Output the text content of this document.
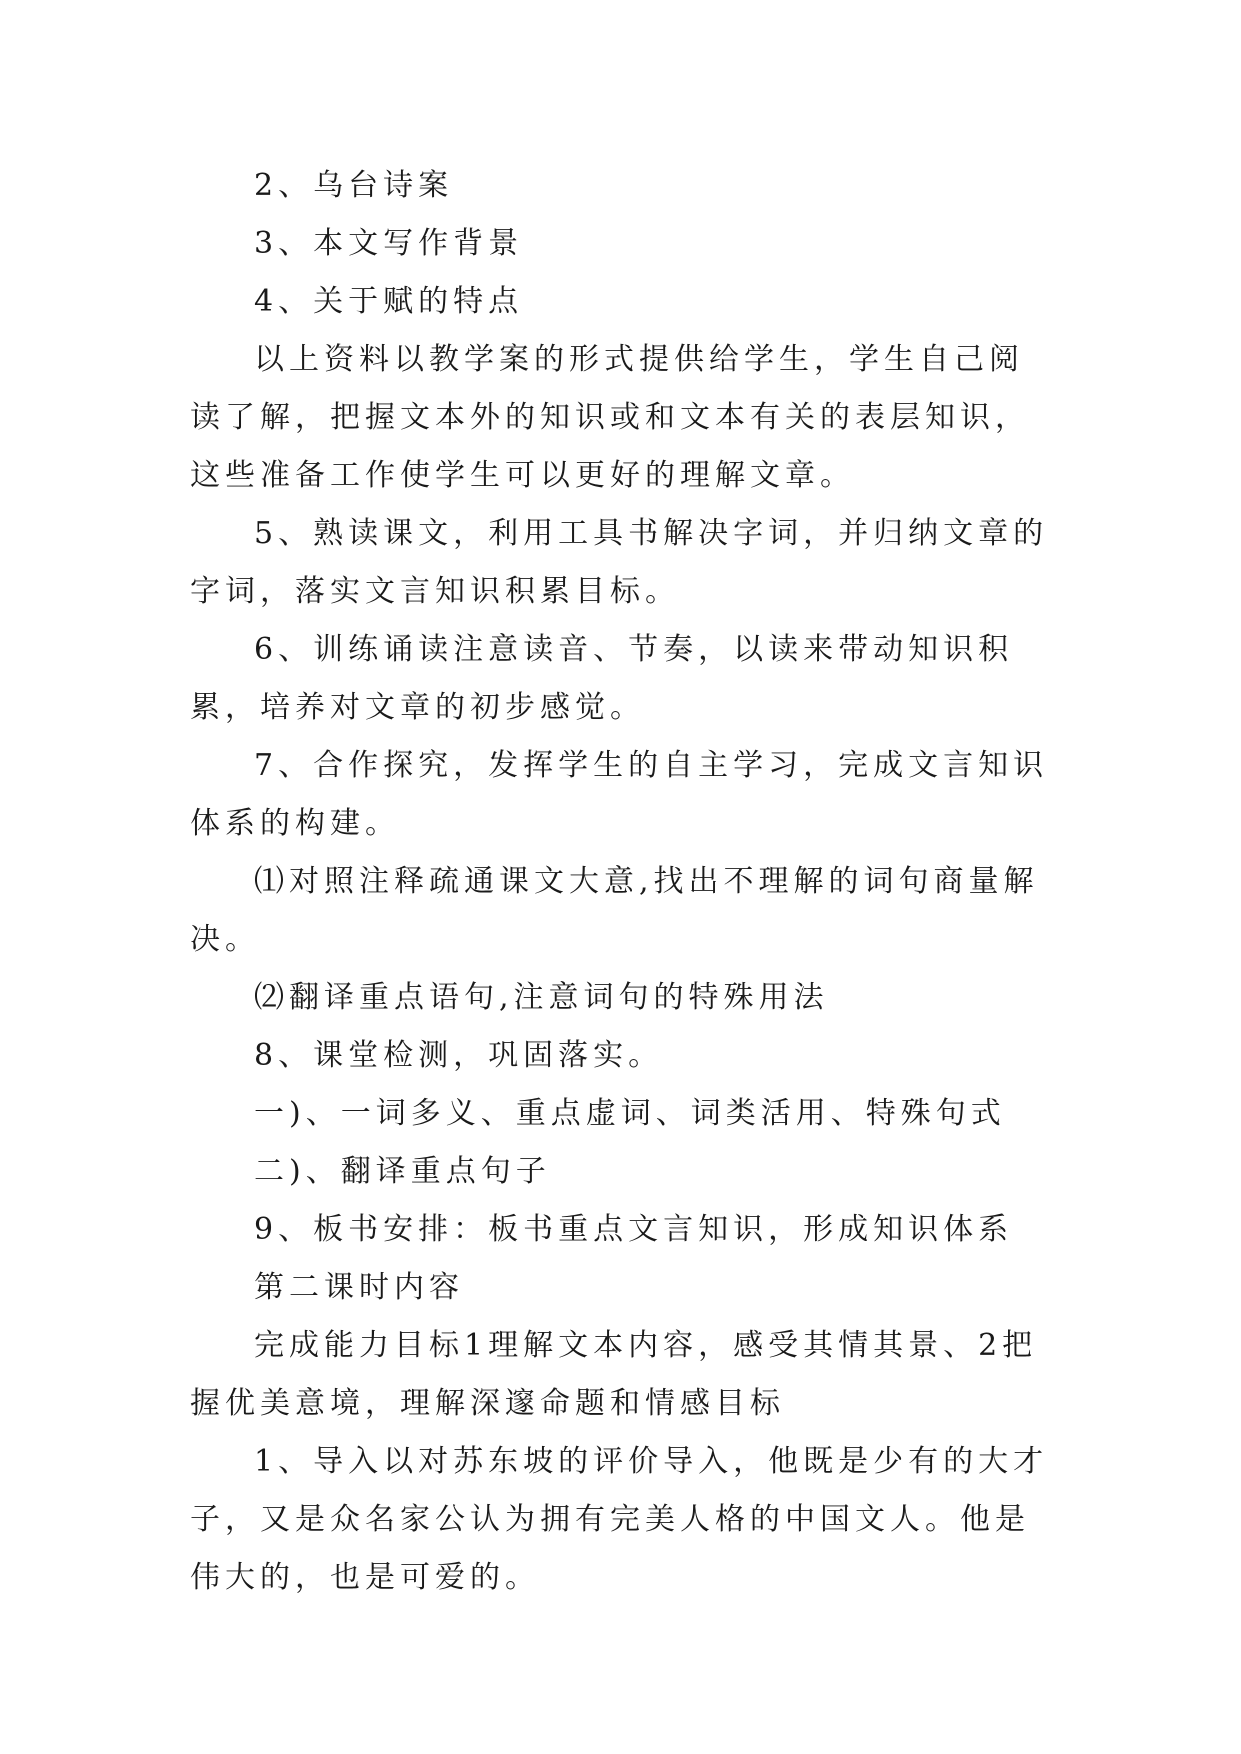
2、乌台诗案

3、本文写作背景

4、关于赋的特点

以上资料以教学案的形式提供给学生，学生自己阅读了解，把握文本外的知识或和文本有关的表层知识，这些准备工作使学生可以更好的理解文章。

5、熟读课文，利用工具书解决字词，并归纳文章的字词，落实文言知识积累目标。

6、训练诵读注意读音、节奏，以读来带动知识积累，培养对文章的初步感觉。

7、合作探究，发挥学生的自主学习，完成文言知识体系的构建。

⑴对照注释疏通课文大意,找出不理解的词句商量解决。

⑵翻译重点语句,注意词句的特殊用法

8、课堂检测，巩固落实。

一)、一词多义、重点虚词、词类活用、特殊句式

二)、翻译重点句子

9、板书安排：板书重点文言知识，形成知识体系

第二课时内容

完成能力目标1理解文本内容，感受其情其景、2把握优美意境，理解深邃命题和情感目标

1、导入以对苏东坡的评价导入，他既是少有的大才子，又是众名家公认为拥有完美人格的中国文人。他是伟大的，也是可爱的。
